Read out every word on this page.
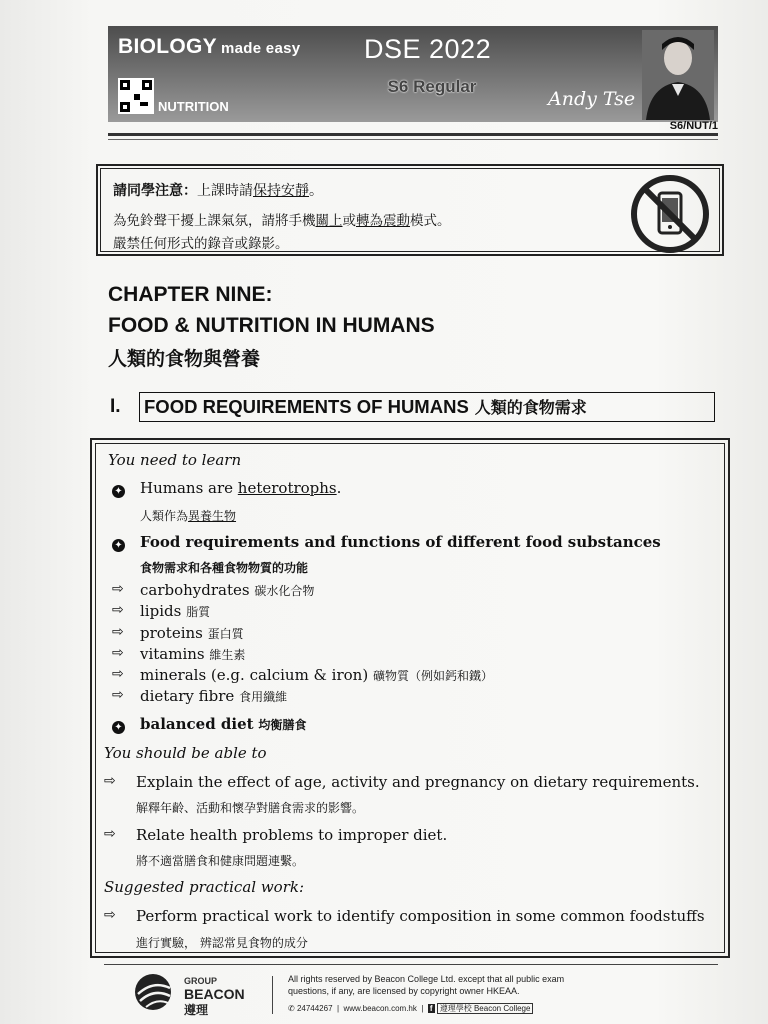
BIOLOGY made easy
NUTRITION
DSE 2022
S6 Regular
Andy Tse
S6/NUT/1
請同學注意：上課時請保持安靜。
為免鈴聲干擾上課氣氛，請將手機關上或轉為震動模式。
嚴禁任何形式的錄音或錄影。
CHAPTER NINE:
FOOD & NUTRITION IN HUMANS
人類的食物與營養
I. FOOD REQUIREMENTS OF HUMANS 人類的食物需求
You need to learn
✦ Humans are heterotrophs.
人類作為異養生物
✦ Food requirements and functions of different food substances
食物需求和各種食物物質的功能
⇨ carbohydrates 碳水化合物
⇨ lipids 脂質
⇨ proteins 蛋白質
⇨ vitamins 維生素
⇨ minerals (e.g. calcium & iron) 礦物質（例如鈣和鐵）
⇨ dietary fibre 食用纖維
✦ balanced diet 均衡膳食
You should be able to
⇨ Explain the effect of age, activity and pregnancy on dietary requirements.
解釋年齡、活動和懷孕對膳食需求的影響。
⇨ Relate health problems to improper diet.
將不適當膳食和健康問題連繫。
Suggested practical work:
⇨ Perform practical work to identify composition in some common foodstuffs
進行實驗， 辨認常見食物的成分
GROUP
BEACON
遵理
All rights reserved by Beacon College Ltd. except that all public exam
questions, if any, are licensed by copyright owner HKEAA.
✆ 24744267  |  www.beacon.com.hk  |  f 遵理學校 Beacon College
